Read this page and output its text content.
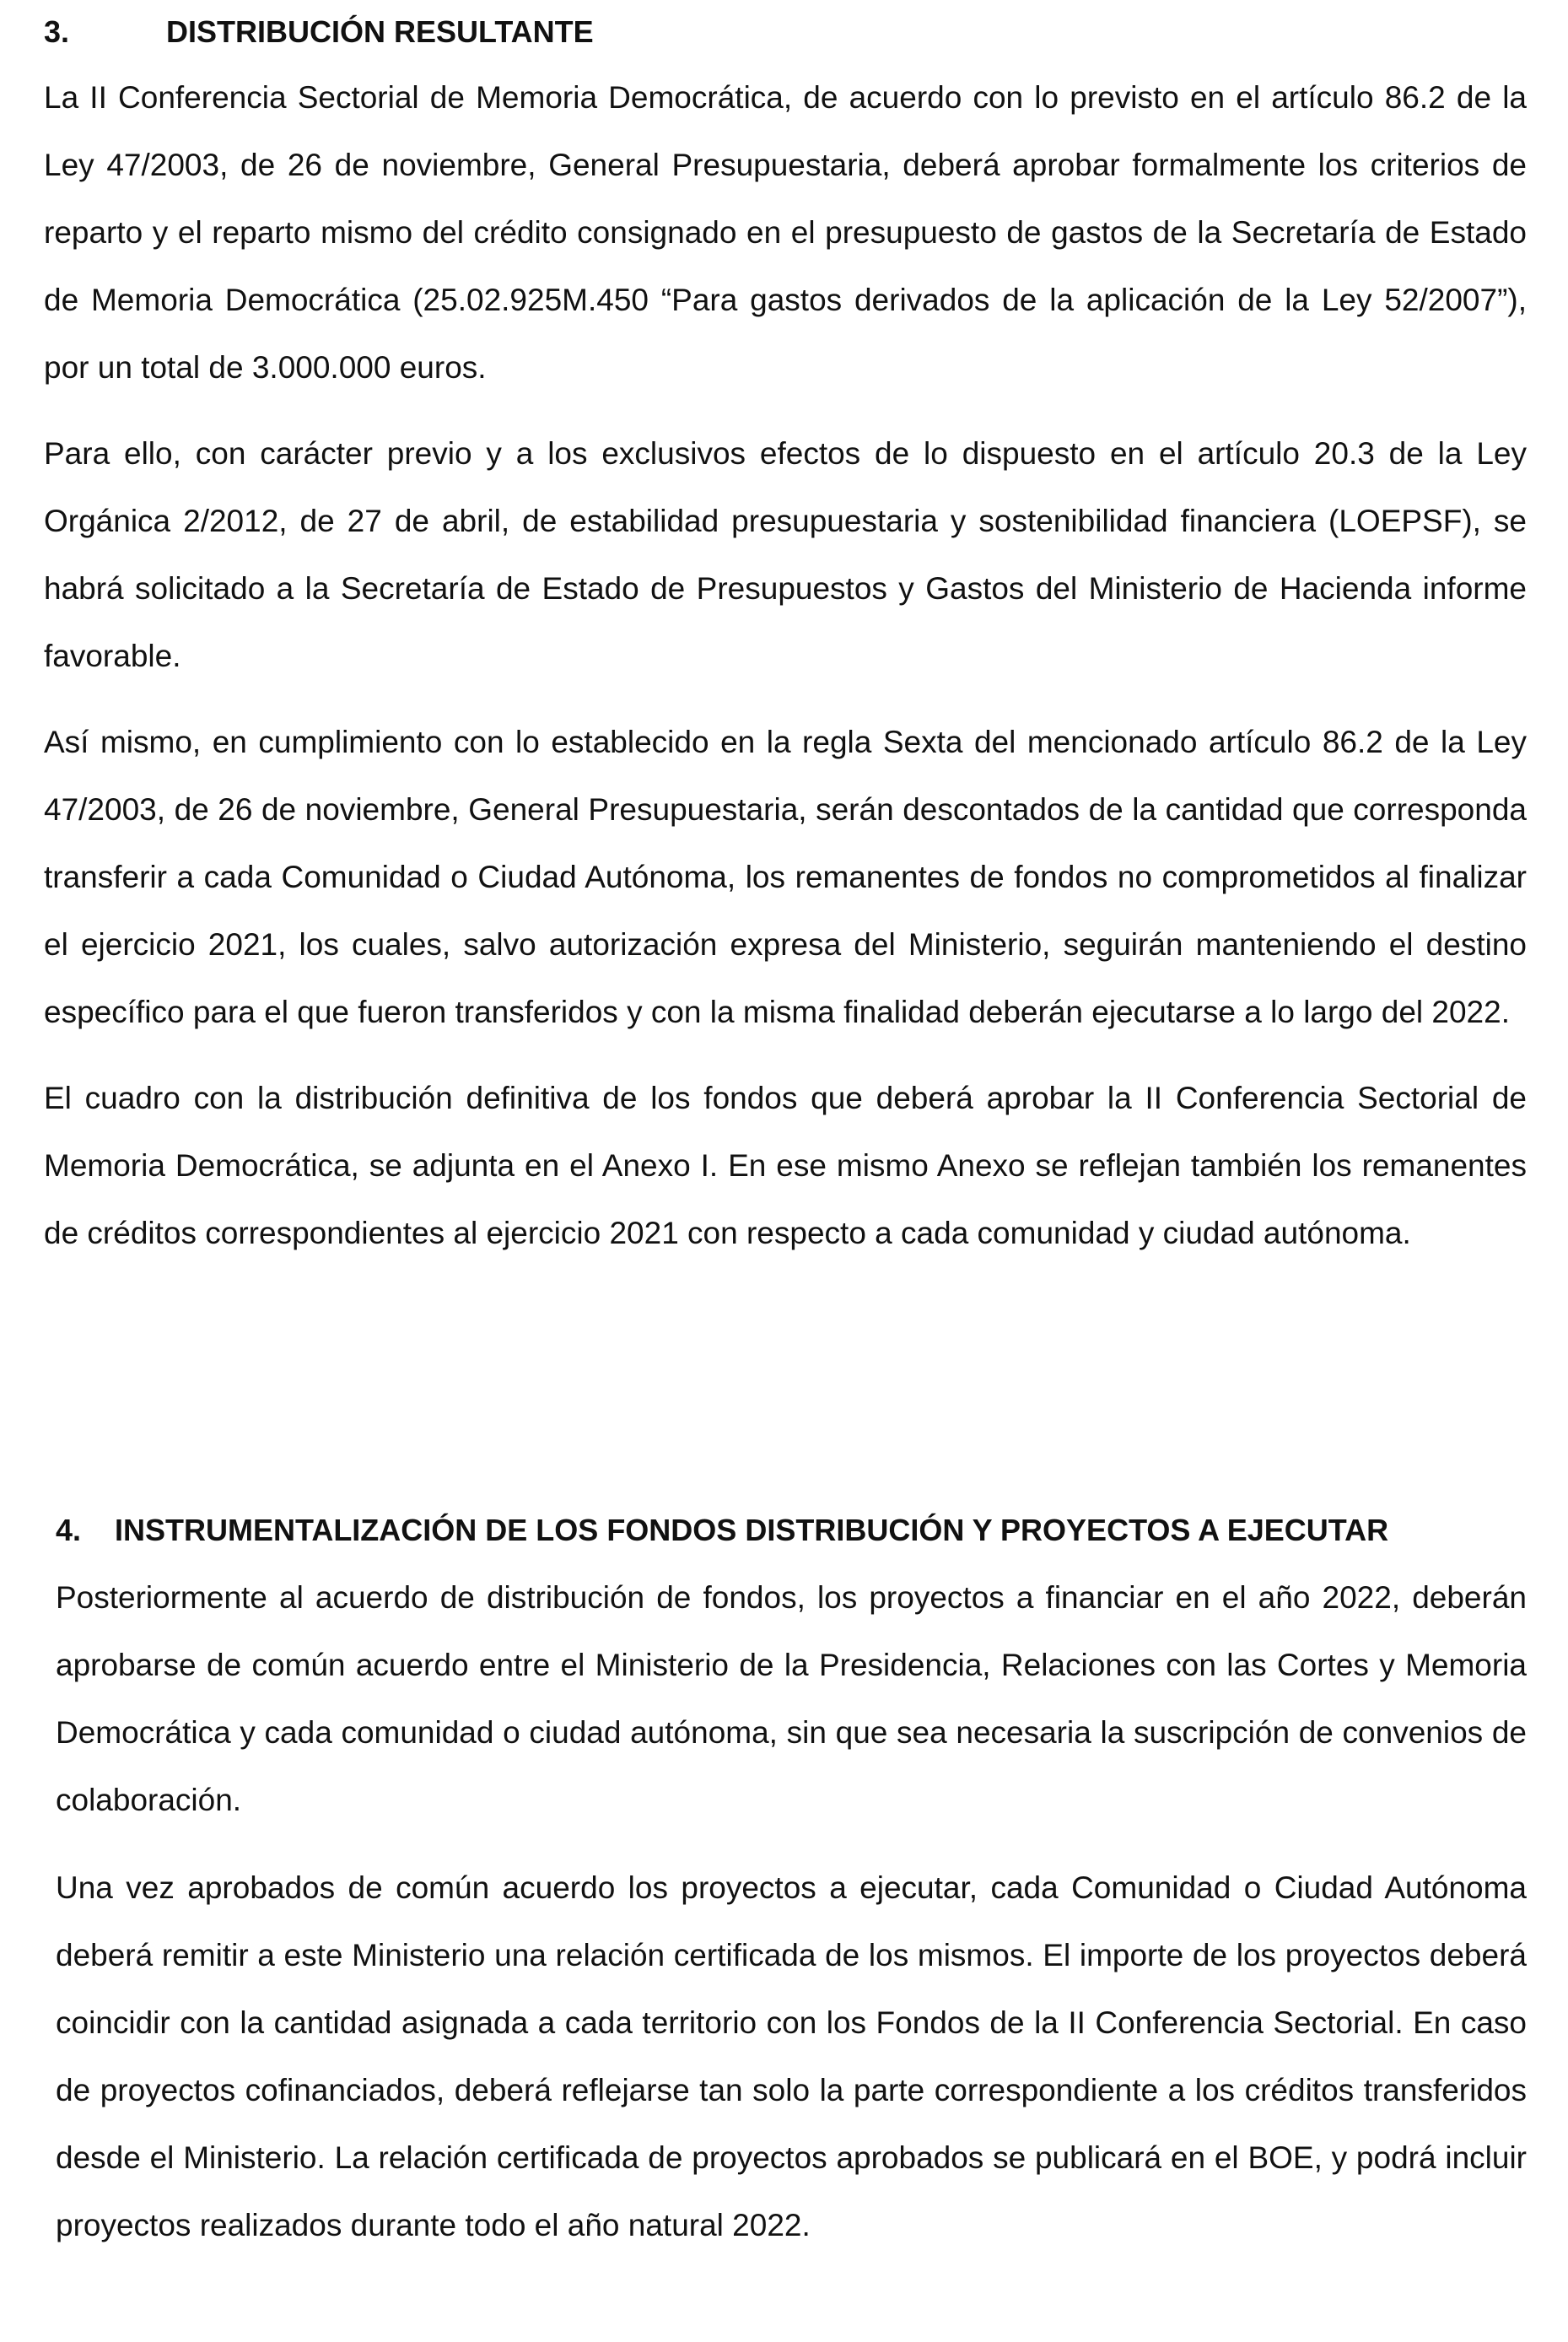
3.	DISTRIBUCIÓN RESULTANTE

La II Conferencia Sectorial de Memoria Democrática, de acuerdo con lo previsto en el artículo 86.2 de la Ley 47/2003, de 26 de noviembre, General Presupuestaria, deberá aprobar formalmente los criterios de reparto y el reparto mismo del crédito consignado en el presupuesto de gastos de la Secretaría de Estado de Memoria Democrática (25.02.925M.450 “Para gastos derivados de la aplicación de la Ley 52/2007”), por un total de 3.000.000 euros.

Para ello, con carácter previo y a los exclusivos efectos de lo dispuesto en el artículo 20.3 de la Ley Orgánica 2/2012, de 27 de abril, de estabilidad presupuestaria y sostenibilidad financiera (LOEPSF), se habrá solicitado a la Secretaría de Estado de Presupuestos y Gastos del Ministerio de Hacienda informe favorable.

Así mismo, en cumplimiento con lo establecido en la regla Sexta del mencionado artículo 86.2 de la Ley 47/2003, de 26 de noviembre, General Presupuestaria, serán descontados de la cantidad que corresponda transferir a cada Comunidad o Ciudad Autónoma, los remanentes de fondos no comprometidos al finalizar el ejercicio 2021, los cuales, salvo autorización expresa del Ministerio, seguirán manteniendo el destino específico para el que fueron transferidos y con la misma finalidad deberán ejecutarse a lo largo del 2022.

El cuadro con la distribución definitiva de los fondos que deberá aprobar la II Conferencia Sectorial de Memoria Democrática, se adjunta en el Anexo I. En ese mismo Anexo se reflejan también los remanentes de créditos correspondientes al ejercicio 2021 con respecto a cada comunidad y ciudad autónoma.

4.	INSTRUMENTALIZACIÓN DE LOS FONDOS DISTRIBUCIÓN Y PROYECTOS A EJECUTAR

Posteriormente al acuerdo de distribución de fondos, los proyectos a financiar en el año 2022, deberán aprobarse de común acuerdo entre el Ministerio de la Presidencia, Relaciones con las Cortes y Memoria Democrática y cada comunidad o ciudad autónoma, sin que sea necesaria la suscripción de convenios de colaboración.

Una vez aprobados de común acuerdo los proyectos a ejecutar, cada Comunidad o Ciudad Autónoma deberá remitir a este Ministerio una relación certificada de los mismos. El importe de los proyectos deberá coincidir con la cantidad asignada a cada territorio con los Fondos de la II Conferencia Sectorial. En caso de proyectos cofinanciados, deberá reflejarse tan solo la parte correspondiente a los créditos transferidos desde el Ministerio. La relación certificada de proyectos aprobados se publicará en el BOE, y podrá incluir proyectos realizados durante todo el año natural 2022.
